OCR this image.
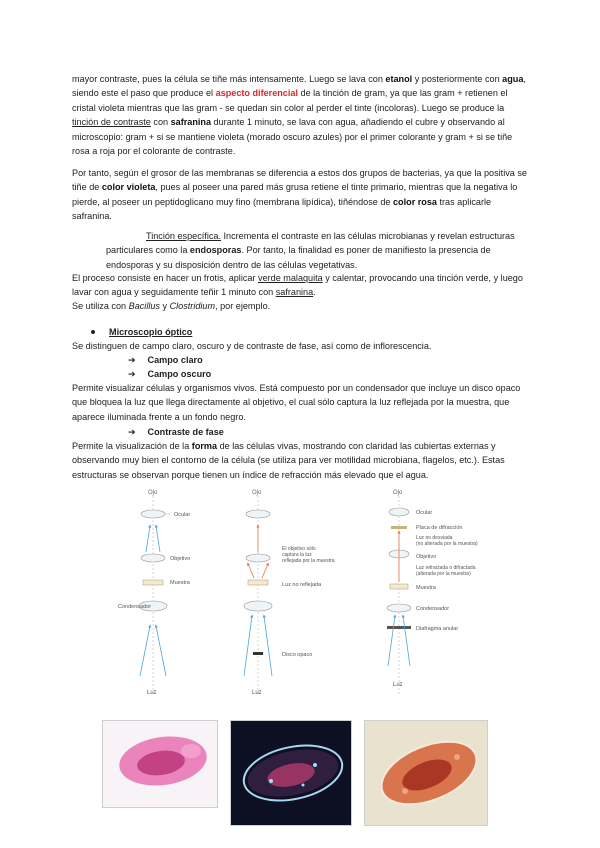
mayor contraste, pues la célula se tiñe más intensamente. Luego se lava con etanol y posteriormente con agua, siendo este el paso que produce el aspecto diferencial de la tinción de gram, ya que las gram + retienen el cristal violeta mientras que las gram - se quedan sin color al perder el tinte (incoloras). Luego se produce la tinción de contraste con safranina durante 1 minuto, se lava con agua, añadiendo el cubre y observando al microscopio: gram + si se mantiene violeta (morado oscuro azules) por el primer colorante y gram + si se tiñe rosa a roja por el colorante de contraste.

Por tanto, según el grosor de las membranas se diferencia a estos dos grupos de bacterias, ya que la positiva se tiñe de color violeta, pues al poseer una pared más grusa retiene el tinte primario, mientras que la negativa lo pierde, al poseer un peptidoglicano muy fino (membrana lipídica), tiñéndose de color rosa tras aplicarle safranina.

Tinción específica. Incrementa el contraste en las células microbianas y revelan estructuras particulares como la endosporas. Por tanto, la finalidad es poner de manifiesto la presencia de endosporas y su disposición dentro de las células vegetativas.

El proceso consiste en hacer un frotis, aplicar verde malaquita y calentar, provocando una tinción verde, y luego lavar con agua y seguidamente teñir 1 minuto con safranina.

Se utiliza con Bacillus y Clostridium, por ejemplo.

Microscopio óptico

Se distinguen de campo claro, oscuro y de contraste de fase, así como de inflorescencia.

➔ Campo claro
➔ Campo oscuro

Permite visualizar células y organismos vivos. Está compuesto por un condensador que incluye un disco opaco que bloquea la luz que llega directamente al objetivo, el cual sólo captura la luz reflejada por la muestra, que aparece iluminada frente a un fondo negro.

➔ Contraste de fase

Permite la visualización de la forma de las células vivas, mostrando con claridad las cubiertas externas y observando muy bien el contorno de la célula (se utiliza para ver motilidad microbiana, flagelos, etc.). Estas estructuras se observan porque tienen un índice de refracción más elevado que el agua.

Ojo
Ocular
Objetivo
Muestra
Condensador
Luz
Ojo
El objetivo sólo
captura la luz
reflejada por la muestra
Luz no reflejada
Disco opaco
Luz
Ojo
Ocular
Placa de difracción
Luz no desviada
(no alterada por la muestra)
Objetivo
Luz refractada o difractada
(alterada por la muestra)
Muestra
Condensador
Diafragma anular
Luz
